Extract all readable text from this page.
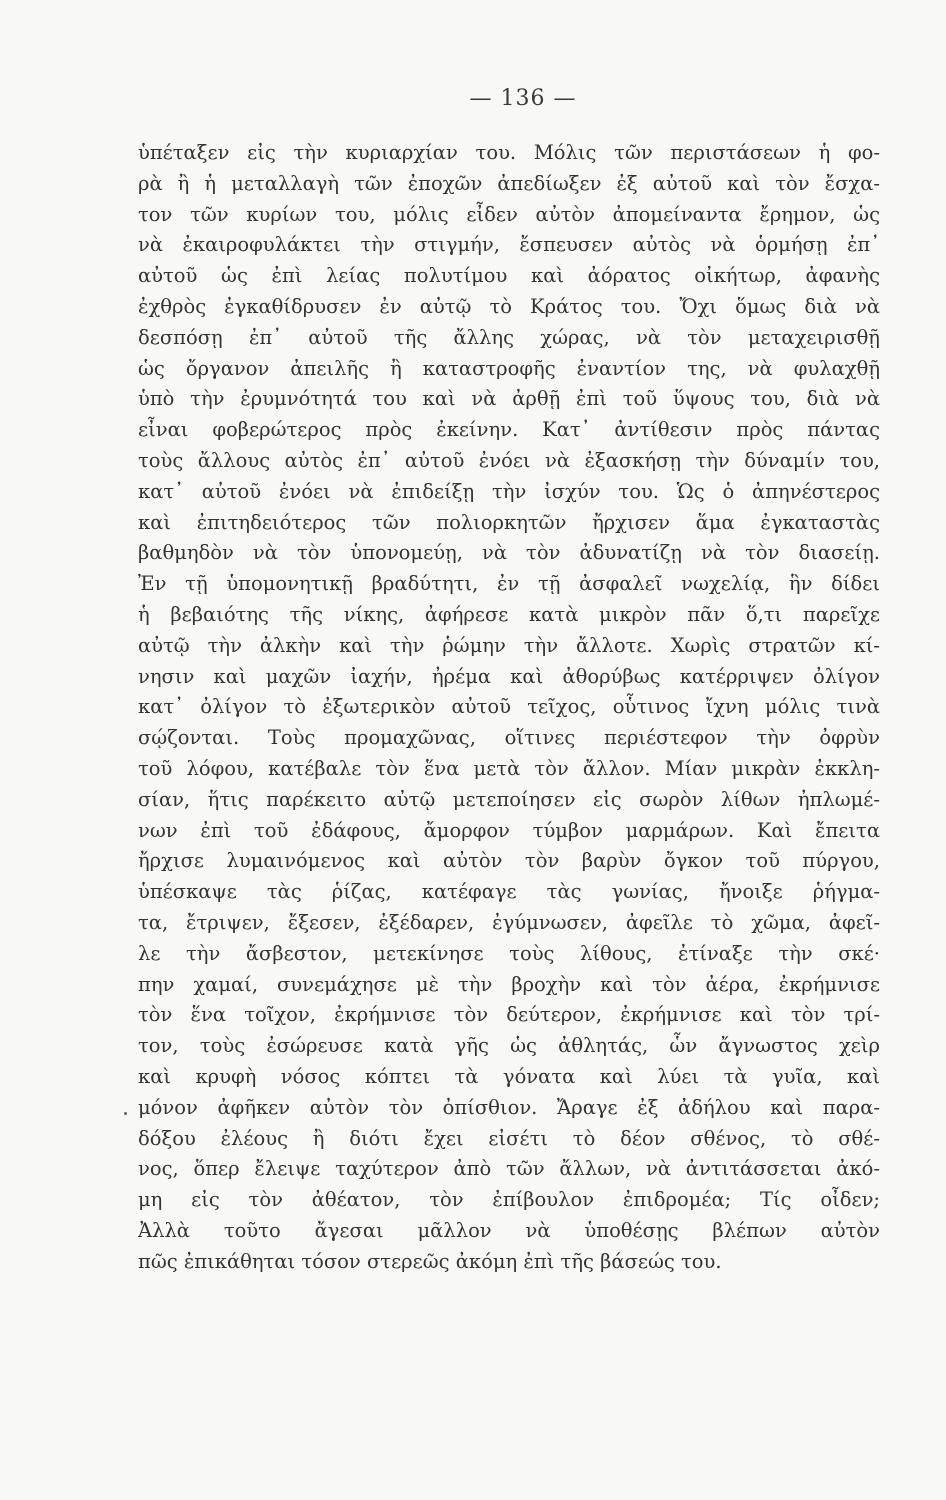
— 136 —
ὑπέταξεν εἰς τὴν κυριαρχίαν του. Μόλις τῶν περιστάσεων ἡ φο-
ρὰ ἢ ἡ μεταλλαγὴ τῶν ἐποχῶν ἀπεδίωξεν ἐξ αὐτοῦ καὶ τὸν ἔσχα-
τον τῶν κυρίων του, μόλις εἶδεν αὐτὸν ἀπομείναντα ἔρημον, ὡς
νὰ ἐκαιροφυλάκτει τὴν στιγμήν, ἔσπευσεν αὐτὸς νὰ ὁρμήσῃ ἐπ᾿
αὐτοῦ ὡς ἐπὶ λείας πολυτίμου καὶ ἀόρατος οἰκήτωρ, ἀφανὴς
ἐχθρὸς ἐγκαθίδρυσεν ἐν αὐτῷ τὸ Κράτος του. Ὄχι ὅμως διὰ νὰ
δεσπόσῃ ἐπ᾿ αὐτοῦ τῆς ἄλλης χώρας, νὰ τὸν μεταχειρισθῇ
ὡς ὄργανον ἀπειλῆς ἢ καταστροφῆς ἐναντίον της, νὰ φυλαχθῇ
ὑπὸ τὴν ἐρυμνότητά του καὶ νὰ ἀρθῇ ἐπὶ τοῦ ὕψους του, διὰ νὰ
εἶναι φοβερώτερος πρὸς ἐκείνην. Κατ᾿ ἀντίθεσιν πρὸς πάντας
τοὺς ἄλλους αὐτὸς ἐπ᾿ αὐτοῦ ἐνόει νὰ ἐξασκήσῃ τὴν δύναμίν του,
κατ᾿ αὐτοῦ ἐνόει νὰ ἐπιδείξῃ τὴν ἰσχύν του. Ὡς ὁ ἀπηνέστερος
καὶ ἐπιτηδειότερος τῶν πολιορκητῶν ἤρχισεν ἅμα ἐγκαταστὰς
βαθμηδὸν νὰ τὸν ὑπονομεύῃ, νὰ τὸν ἀδυνατίζῃ νὰ τὸν διασείῃ.
Ἐν τῇ ὑπομονητικῇ βραδύτητι, ἐν τῇ ἀσφαλεῖ νωχελίᾳ, ἣν δίδει
ἡ βεβαιότης τῆς νίκης, ἀφήρεσε κατὰ μικρὸν πᾶν ὅ,τι παρεῖχε
αὐτῷ τὴν ἀλκὴν καὶ τὴν ῥώμην τὴν ἄλλοτε. Χωρὶς στρατῶν κί-
νησιν καὶ μαχῶν ἰαχήν, ἠρέμα καὶ ἀθορύβως κατέρριψεν ὀλίγον
κατ᾿ ὀλίγον τὸ ἐξωτερικὸν αὐτοῦ τεῖχος, οὗτινος ἴχνη μόλις τινὰ
σῴζονται. Τοὺς προμαχῶνας, οἵτινες περιέστεφον τὴν ὀφρὺν
τοῦ λόφου, κατέβαλε τὸν ἕνα μετὰ τὸν ἄλλον. Μίαν μικρὰν ἐκκλη-
σίαν, ἥτις παρέκειτο αὐτῷ μετεποίησεν εἰς σωρὸν λίθων ἠπλωμέ-
νων ἐπὶ τοῦ ἐδάφους, ἄμορφον τύμβον μαρμάρων. Καὶ ἔπειτα
ἤρχισε λυμαινόμενος καὶ αὐτὸν τὸν βαρὺν ὄγκον τοῦ πύργου,
ὑπέσκαψε τὰς ῥίζας, κατέφαγε τὰς γωνίας, ἤνοιξε ῥήγμα-
τα, ἔτριψεν, ἔξεσεν, ἐξέδαρεν, ἐγύμνωσεν, ἀφεῖλε τὸ χῶμα, ἀφεῖ-
λε τὴν ἄσβεστον, μετεκίνησε τοὺς λίθους, ἐτίναξε τὴν σκέ·
πην χαμαί, συνεμάχησε μὲ τὴν βροχὴν καὶ τὸν ἀέρα, ἐκρήμνισε
τὸν ἕνα τοῖχον, ἐκρήμνισε τὸν δεύτερον, ἐκρήμνισε καὶ τὸν τρί-
τον, τοὺς ἐσώρευσε κατὰ γῆς ὡς ἀθλητάς, ὧν ἄγνωστος χεὶρ
καὶ κρυφὴ νόσος κόπτει τὰ γόνατα καὶ λύει τὰ γυῖα, καὶ
μόνον ἀφῆκεν αὐτὸν τὸν ὀπίσθιον. Ἄραγε ἐξ ἀδήλου καὶ παρα-
δόξου ἐλέους ἢ διότι ἔχει εἰσέτι τὸ δέον σθένος, τὸ σθέ-
νος, ὅπερ ἔλειψε ταχύτερον ἀπὸ τῶν ἄλλων, νὰ ἀντιτάσσεται ἀκό-
μη εἰς τὸν ἀθέατον, τὸν ἐπίβουλον ἐπιδρομέα; Τίς οἶδεν;
Ἀλλὰ τοῦτο ἄγεσαι μᾶλλον νὰ ὑποθέσῃς βλέπων αὐτὸν
πῶς ἐπικάθηται τόσον στερεῶς ἀκόμη ἐπὶ τῆς βάσεώς του.
